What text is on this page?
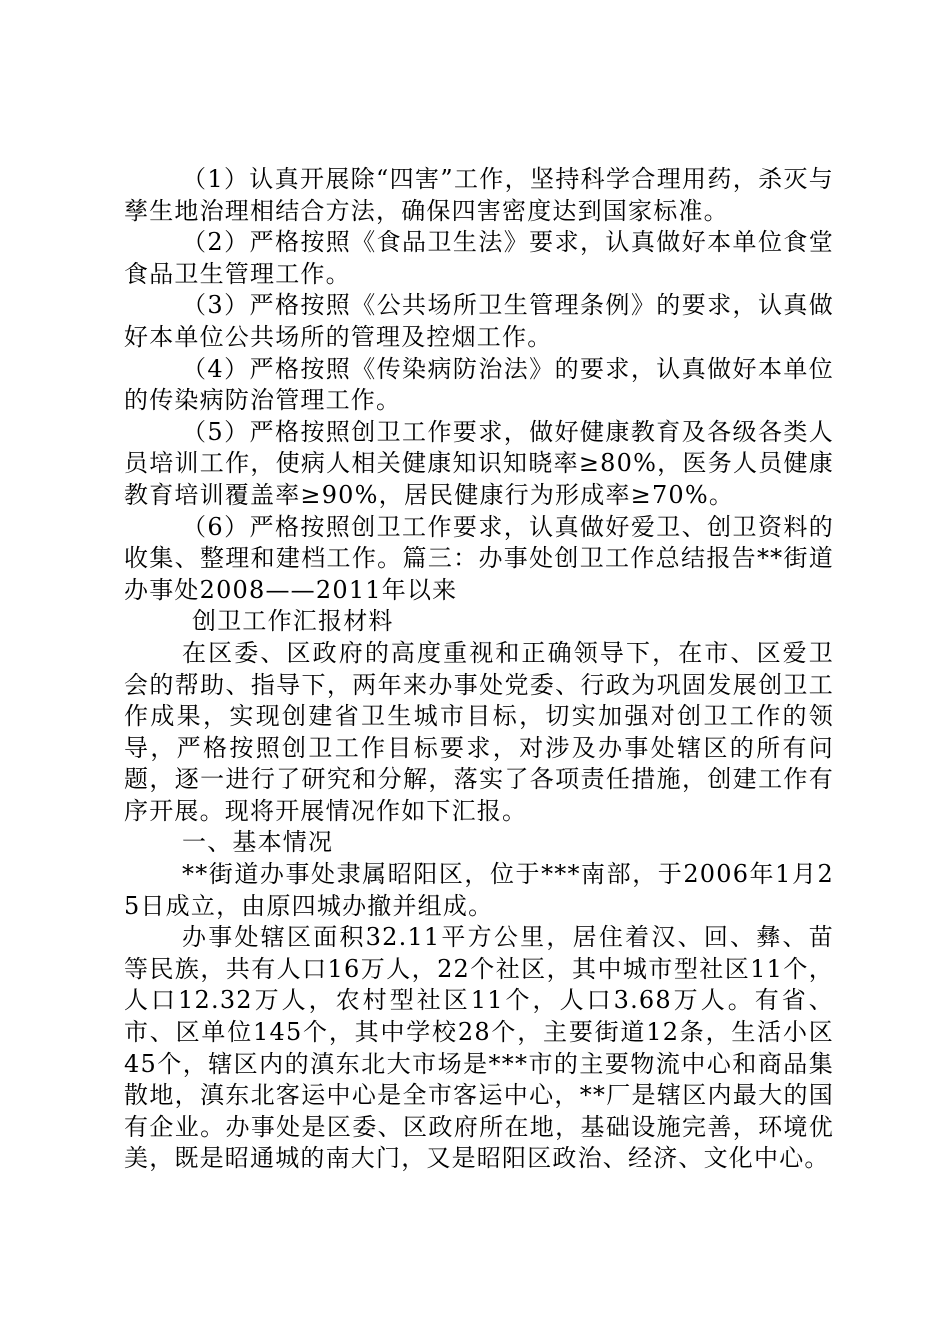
（1）认真开展除“四害”工作，坚持科学合理用药，杀灭与孳生地治理相结合方法，确保四害密度达到国家标准。

（2）严格按照《食品卫生法》要求，认真做好本单位食堂食品卫生管理工作。

（3）严格按照《公共场所卫生管理条例》的要求，认真做好本单位公共场所的管理及控烟工作。

（4）严格按照《传染病防治法》的要求，认真做好本单位的传染病防治管理工作。

（5）严格按照创卫工作要求，做好健康教育及各级各类人员培训工作，使病人相关健康知识知晓率≥80%，医务人员健康教育培训覆盖率≥90%，居民健康行为形成率≥70%。

（6）严格按照创卫工作要求，认真做好爱卫、创卫资料的收集、整理和建档工作。篇三：办事处创卫工作总结报告**街道办事处2008——2011年以来

创卫工作汇报材料

在区委、区政府的高度重视和正确领导下，在市、区爱卫会的帮助、指导下，两年来办事处党委、行政为巩固发展创卫工作成果，实现创建省卫生城市目标，切实加强对创卫工作的领导，严格按照创卫工作目标要求，对涉及办事处辖区的所有问题，逐一进行了研究和分解，落实了各项责任措施，创建工作有序开展。现将开展情况作如下汇报。

一、基本情况

**街道办事处隶属昭阳区，位于***南部，于2006年1月25日成立，由原四城办撤并组成。

办事处辖区面积32.11平方公里，居住着汉、回、彝、苗等民族，共有人口16万人，22个社区，其中城市型社区11个，人口12.32万人，农村型社区11个，人口3.68万人。有省、市、区单位145个，其中学校28个，主要街道12条，生活小区45个，辖区内的滇东北大市场是***市的主要物流中心和商品集散地，滇东北客运中心是全市客运中心，**厂是辖区内最大的国有企业。办事处是区委、区政府所在地，基础设施完善，环境优美，既是昭通城的南大门，又是昭阳区政治、经济、文化中心。
